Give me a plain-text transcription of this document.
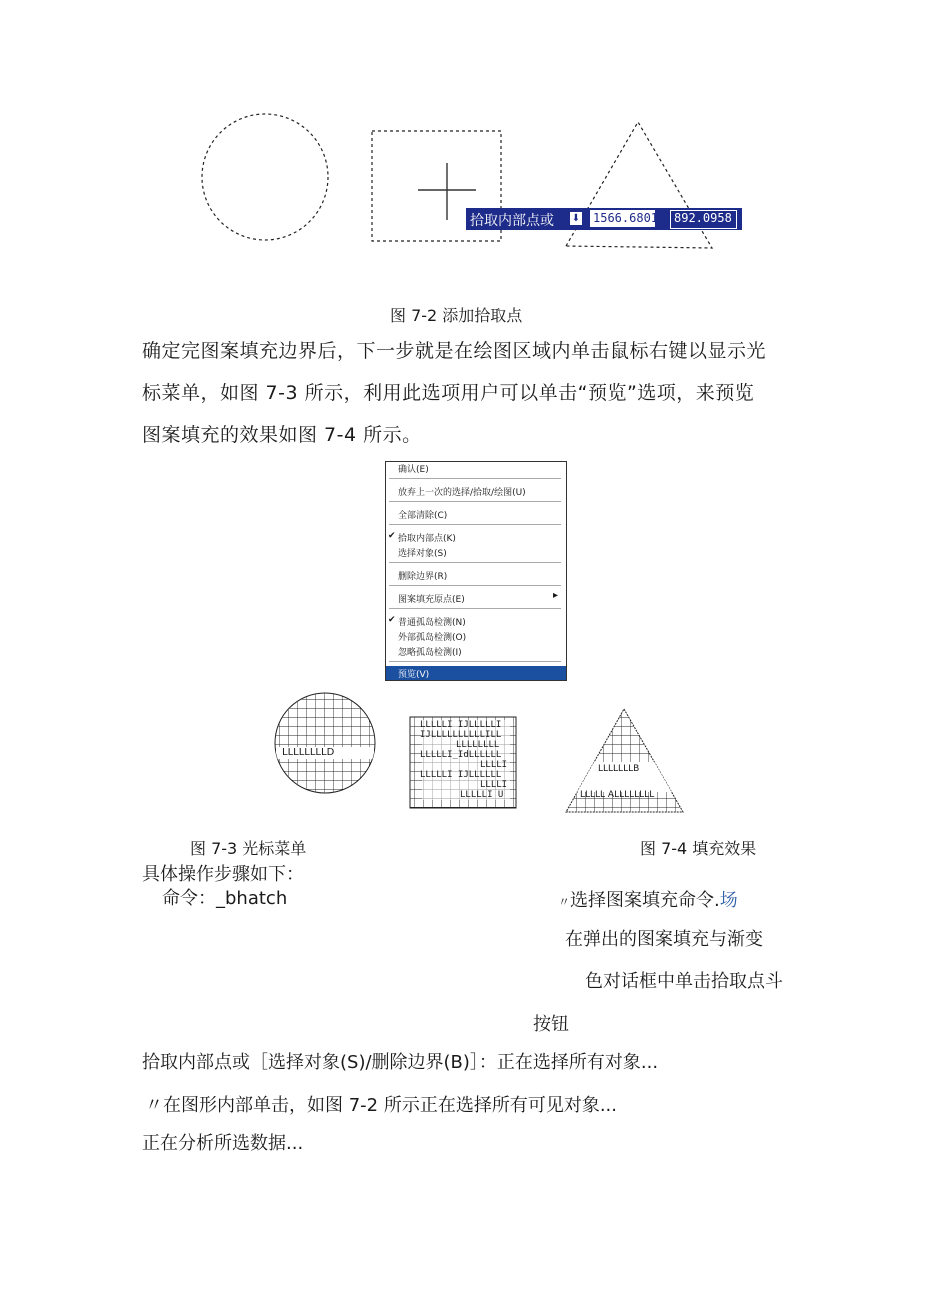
拾取内部点或 ⬇ 1566.6801	892.0958
图 7-2 添加拾取点
确定完图案填充边界后，下一步就是在绘图区域内单击鼠标右键以显示光
标菜单，如图 7-3 所示，利用此选项用户可以单击“预览”选项，来预览
图案填充的效果如图 7-4 所示。
确认(E)
放弃上一次的选择/拾取/绘图(U)
全部清除(C)
✔ 拾取内部点(K)
选择对象(S)
删除边界(R)
图案填充原点(E)	▸
✔ 普通孤岛检测(N)
外部孤岛检测(O)
忽略孤岛检测(I)
预览(V)
LLLLLLLLD
LLLLLI IJLLLLLI
IJLLLLLLLLLLILL
LLLLLLLL
LLLLLI_IdLLLLLL
LLLLI
LLLLLI IJLLLLLL
LLLLI
LLLLLI U
LLLLLLLB
LLLLL ALLLLLLLL
图 7-3 光标菜单	图 7-4 填充效果
具体操作步骤如下：
命令：_bhatch	〃选择图案填充命令.场
在弹出的图案填充与渐变
色对话框中单击拾取点斗
按钮
拾取内部点或［选择对象(S)/删除边界(B)］：正在选择所有对象...
〃在图形内部单击，如图 7-2 所示正在选择所有可见对象...
正在分析所选数据...
